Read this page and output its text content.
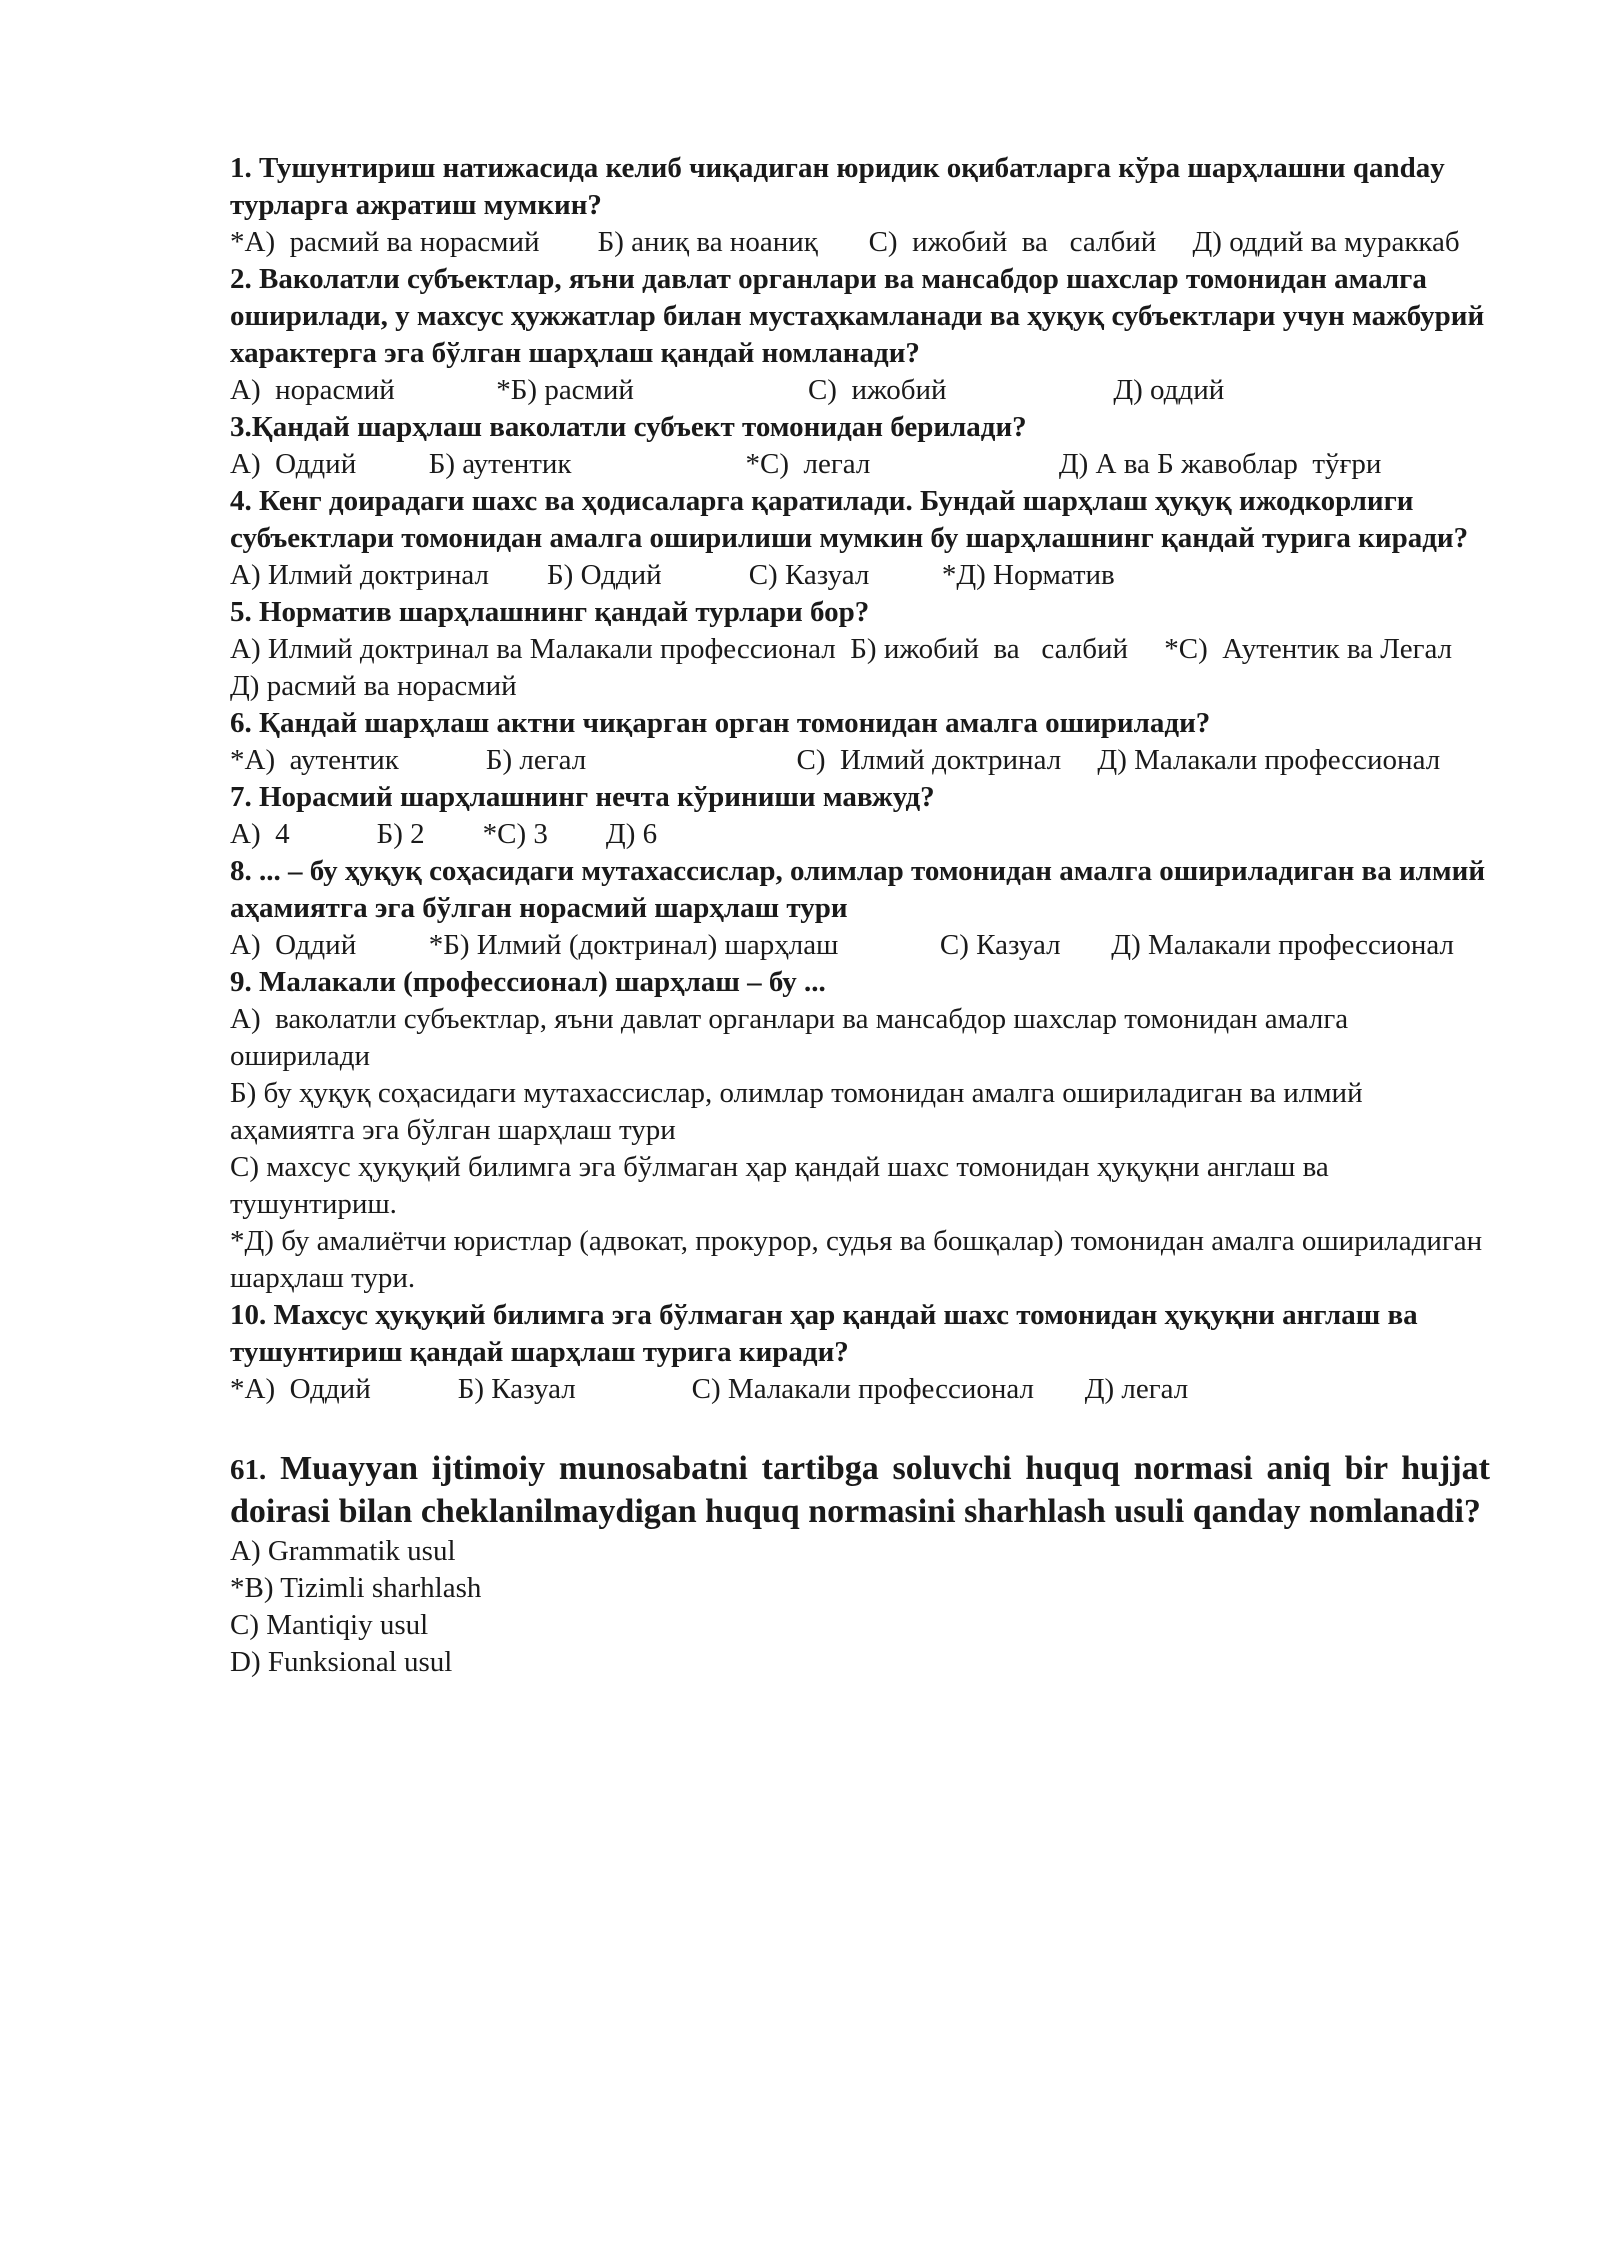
1. Тушунтириш натижасида келиб чиқадиган юридик оқибатларга кўра шарҳлашни qanday турларга ажратиш мумкин?
*А)  расмий ва норасмий        Б) аниқ ва ноаниқ       С)  ижобий  ва   салбий     Д) оддий ва мураккаб
2. Ваколатли субъектлар, яъни давлат органлари ва мансабдор шахслар томонидан амалга оширилади, у махсус ҳужжатлар билан мустаҳкамланади ва ҳуқуқ субъектлари учун мажбурий характерга эга бўлган шарҳлаш қандай номланади?
А)  норасмий              *Б) расмий                        С)  ижобий                       Д) оддий
3.Қандай шарҳлаш ваколатли субъект томонидан берилади?
А)  Оддий          Б) аутентик                        *С)  легал                          Д) А ва Б жавоблар  тўғри
4. Кенг доирадаги шахс ва ҳодисаларга қаратилади. Бундай шарҳлаш ҳуқуқ ижодкорлиги субъектлари томонидан амалга оширилиши мумкин бу шарҳлашнинг қандай турига киради?
А) Илмий доктринал        Б) Оддий            С) Казуал          *Д) Норматив
5. Норматив шарҳлашнинг қандай турлари бор?
А) Илмий доктринал ва Малакали профессионал  Б) ижобий  ва   салбий     *С)  Аутентик ва Легал                    Д) расмий ва норасмий
6. Қандай шарҳлаш актни чиқарган орган томонидан амалга оширилади?
*А)  аутентик            Б) легал                             С)  Илмий доктринал     Д) Малакали профессионал
7. Норасмий шарҳлашнинг нечта кўриниши мавжуд?
А)  4            Б) 2        *С) 3        Д) 6
8. ... – бу ҳуқуқ соҳасидаги мутахассислар, олимлар томонидан амалга ошириладиган ва илмий аҳамиятга эга бўлган норасмий шарҳлаш тури
А)  Оддий          *Б) Илмий (доктринал) шарҳлаш              С) Казуал       Д) Малакали профессионал
9. Малакали (профессионал) шарҳлаш – бу ...
А)  ваколатли субъектлар, яъни давлат органлари ва мансабдор шахслар томонидан амалга оширилади
Б) бу ҳуқуқ соҳасидаги мутахассислар, олимлар томонидан амалга ошириладиган ва илмий аҳамиятга эга бўлган шарҳлаш тури
С) махсус ҳуқуқий билимга эга бўлмаган ҳар қандай шахс томонидан ҳуқуқни англаш ва тушунтириш.
*Д) бу амалиётчи юристлар (адвокат, прокурор, судья ва бошқалар) томонидан амалга ошириладиган шарҳлаш тури.
10. Махсус ҳуқуқий билимга эга бўлмаган ҳар қандай шахс томонидан ҳуқуқни англаш ва тушунтириш қандай шарҳлаш турига киради?
*А)  Оддий            Б) Казуал                С) Малакали профессионал       Д) легал
61. Muayyan ijtimoiy munosabatni tartibga soluvchi huquq normasi aniq bir hujjat doirasi bilan cheklanilmaydigan huquq normasini sharhlash usuli qanday nomlanadi?
A) Grammatik usul
*B) Tizimli sharhlash
C) Mantiqiy usul
D) Funksional usul
